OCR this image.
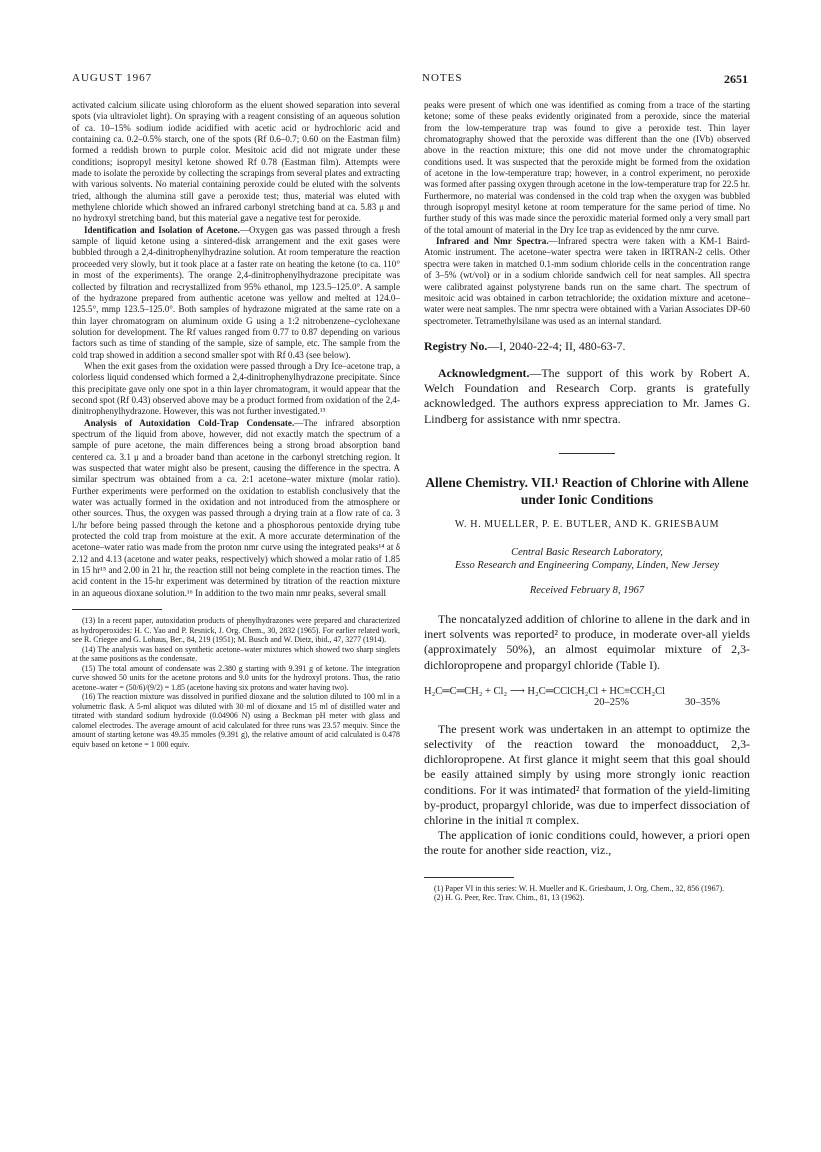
AUGUST 1967	NOTES	2651

activated calcium silicate using chloroform as the eluent showed separation into several spots (via ultraviolet light). On spraying with a reagent consisting of an aqueous solution of ca. 10–15% sodium iodide acidified with acetic acid or hydrochloric acid and containing ca. 0.2–0.5% starch, one of the spots (Rf 0.6–0.7; 0.60 on the Eastman film) formed a reddish brown to purple color. Mesitoic acid did not migrate under these conditions; isopropyl mesityl ketone showed Rf 0.78 (Eastman film). Attempts were made to isolate the peroxide by collecting the scrapings from several plates and extracting with various solvents. No material containing peroxide could be eluted with the solvents tried, although the alumina still gave a peroxide test; thus, material was eluted with methylene chloride which showed an infrared carbonyl stretching band at ca. 5.83 μ and no hydroxyl stretching band, but this material gave a negative test for peroxide.

Identification and Isolation of Acetone.—Oxygen gas was passed through a fresh sample of liquid ketone using a sintered-disk arrangement and the exit gases were bubbled through a 2,4-dinitrophenylhydrazine solution. At room temperature the reaction proceeded very slowly, but it took place at a faster rate on heating the ketone (to ca. 110° in most of the experiments). The orange 2,4-dinitrophenylhydrazone precipitate was collected by filtration and recrystallized from 95% ethanol, mp 123.5–125.0°. A sample of the hydrazone prepared from authentic acetone was yellow and melted at 124.0–125.5°, mmp 123.5–125.0°. Both samples of hydrazone migrated at the same rate on a thin layer chromatogram on aluminum oxide G using a 1:2 nitrobenzene–cyclohexane solution for development. The Rf values ranged from 0.77 to 0.87 depending on various factors such as time of standing of the sample, size of sample, etc. The sample from the cold trap showed in addition a second smaller spot with Rf 0.43 (see below).

When the exit gases from the oxidation were passed through a Dry Ice–acetone trap, a colorless liquid condensed which formed a 2,4-dinitrophenylhydrazone precipitate. Since this precipitate gave only one spot in a thin layer chromatogram, it would appear that the second spot (Rf 0.43) observed above may be a product formed from oxidation of the 2,4-dinitrophenylhydrazone. However, this was not further investigated.¹³

Analysis of Autoxidation Cold-Trap Condensate.—The infrared absorption spectrum of the liquid from above, however, did not exactly match the spectrum of a sample of pure acetone, the main differences being a strong broad absorption band centered ca. 3.1 μ and a broader band than acetone in the carbonyl stretching region. It was suspected that water might also be present, causing the difference in the spectra. A similar spectrum was obtained from a ca. 2:1 acetone–water mixture (molar ratio). Further experiments were performed on the oxidation to establish conclusively that the water was actually formed in the oxidation and not introduced from the atmosphere or other sources. Thus, the oxygen was passed through a drying train at a flow rate of ca. 3 l./hr before being passed through the ketone and a phosphorous pentoxide drying tube protected the cold trap from moisture at the exit. A more accurate determination of the acetone–water ratio was made from the proton nmr curve using the integrated peaks¹⁴ at δ 2.12 and 4.13 (acetone and water peaks, respectively) which showed a molar ratio of 1.85 in 15 hr¹⁵ and 2.00 in 21 hr, the reaction still not being complete in the reaction times. The acid content in the 15-hr experiment was determined by titration of the reaction mixture in an aqueous dioxane solution.¹⁶ In addition to the two main nmr peaks, several small

(13) In a recent paper, autoxidation products of phenylhydrazones were prepared and characterized as hydroperoxides: H. C. Yao and P. Resnick, J. Org. Chem., 30, 2832 (1965). For earlier related work, see R. Criegee and G. Lohaus, Ber., 84, 219 (1951); M. Busch and W. Dietz, ibid., 47, 3277 (1914).

(14) The analysis was based on synthetic acetone–water mixtures which showed two sharp singlets at the same positions as the condensate.

(15) The total amount of condensate was 2.380 g starting with 9.391 g of ketone. The integration curve showed 50 units for the acetone protons and 9.0 units for the hydroxyl protons. Thus, the ratio acetone–water = (50/6)/(9/2) = 1.85 (acetone having six protons and water having two).

(16) The reaction mixture was dissolved in purified dioxane and the solution diluted to 100 ml in a volumetric flask. A 5-ml aliquot was diluted with 30 ml of dioxane and 15 ml of distilled water and titrated with standard sodium hydroxide (0.04906 N) using a Beckman pH meter with glass and calomel electrodes. The average amount of acid calculated for three runs was 23.57 mequiv. Since the amount of starting ketone was 49.35 mmoles (9.391 g), the relative amount of acid calculated is 0.478 equiv based on ketone = 1 000 equiv.

peaks were present of which one was identified as coming from a trace of the starting ketone; some of these peaks evidently originated from a peroxide, since the material from the low-temperature trap was found to give a peroxide test. Thin layer chromatography showed that the peroxide was different than the one (IVb) observed above in the reaction mixture; this one did not move under the chromatographic conditions used. It was suspected that the peroxide might be formed from the oxidation of acetone in the low-temperature trap; however, in a control experiment, no peroxide was formed after passing oxygen through acetone in the low-temperature trap for 22.5 hr. Furthermore, no material was condensed in the cold trap when the oxygen was bubbled through isopropyl mesityl ketone at room temperature for the same period of time. No further study of this was made since the peroxidic material formed only a very small part of the total amount of material in the Dry Ice trap as evidenced by the nmr curve.

Infrared and Nmr Spectra.—Infrared spectra were taken with a KM-1 Baird-Atomic instrument. The acetone–water spectra were taken in IRTRAN-2 cells. Other spectra were taken in matched 0.1-mm sodium chloride cells in the concentration range of 3–5% (wt/vol) or in a sodium chloride sandwich cell for neat samples. All spectra were calibrated against polystyrene bands run on the same chart. The spectrum of mesitoic acid was obtained in carbon tetrachloride; the oxidation mixture and acetone–water were neat samples. The nmr spectra were obtained with a Varian Associates DP-60 spectrometer. Tetramethylsilane was used as an internal standard.

Registry No.—I, 2040-22-4; II, 480-63-7.

Acknowledgment.—The support of this work by Robert A. Welch Foundation and Research Corp. grants is gratefully acknowledged. The authors express appreciation to Mr. James G. Lindberg for assistance with nmr spectra.

Allene Chemistry. VII.¹ Reaction of Chlorine with Allene under Ionic Conditions
W. H. MUELLER, P. E. BUTLER, AND K. GRIESBAUM
Central Basic Research Laboratory,
Esso Research and Engineering Company, Linden, New Jersey
Received February 8, 1967

The noncatalyzed addition of chlorine to allene in the dark and in inert solvents was reported² to produce, in moderate over-all yields (approximately 50%), an almost equimolar mixture of 2,3-dichloropropene and propargyl chloride (Table I).

H₂C═C═CH₂ + Cl₂ ⟶ H₂C═CClCH₂Cl + HC≡CCH₂Cl
20–25%	30–35%

The present work was undertaken in an attempt to optimize the selectivity of the reaction toward the monoadduct, 2,3-dichloropropene. At first glance it might seem that this goal should be easily attained simply by using more strongly ionic reaction conditions. For it was intimated² that formation of the yield-limiting by-product, propargyl chloride, was due to imperfect dissociation of chlorine in the initial π complex.

The application of ionic conditions could, however, a priori open the route for another side reaction, viz.,

(1) Paper VI in this series: W. H. Mueller and K. Griesbaum, J. Org. Chem., 32, 856 (1967).

(2) H. G. Peer, Rec. Trav. Chim., 81, 13 (1962).
